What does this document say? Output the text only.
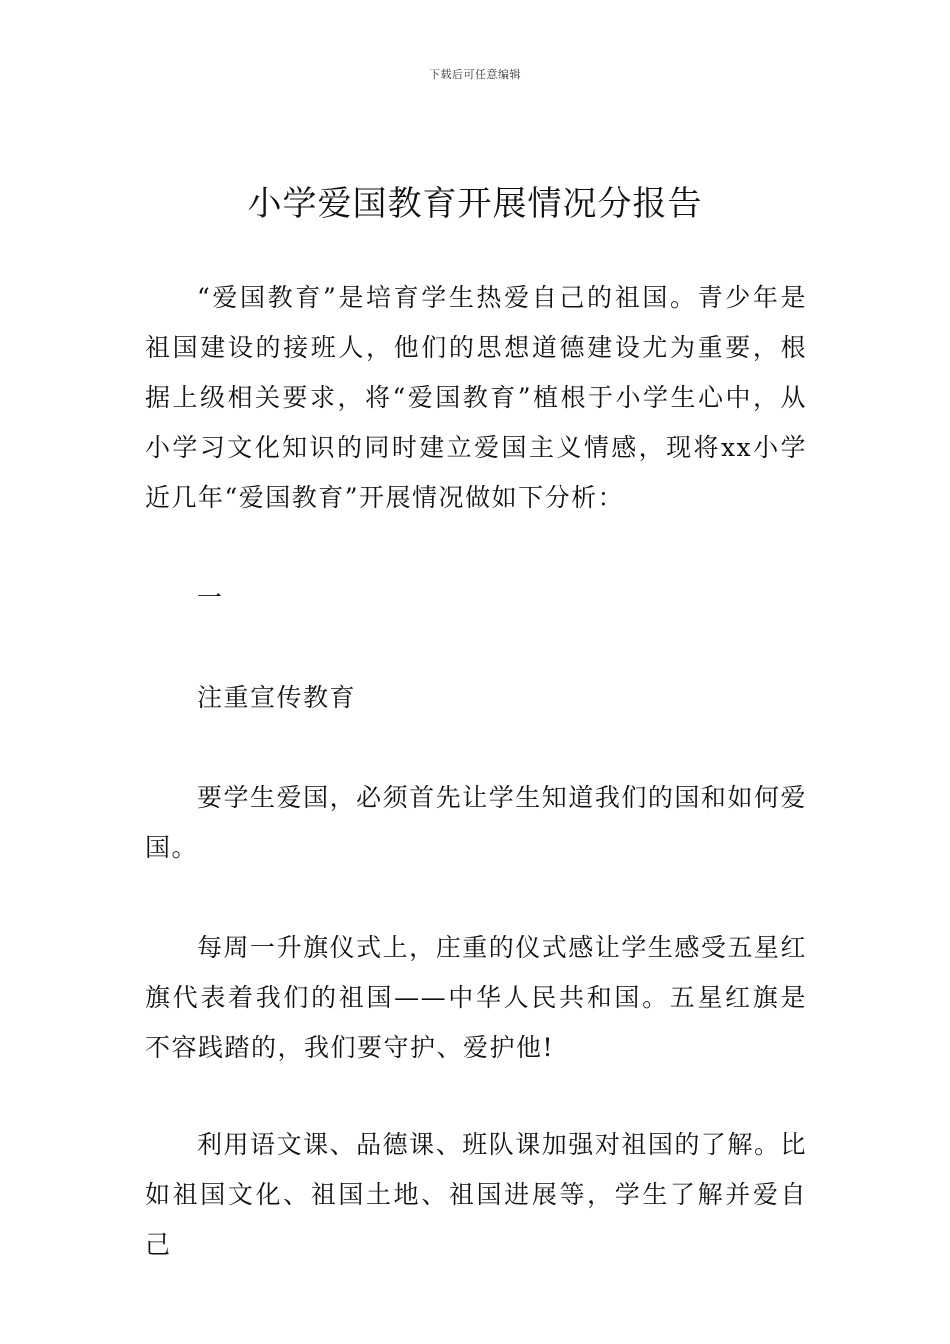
下载后可任意编辑
小学爱国教育开展情况分报告

“爱国教育”是培育学生热爱自己的祖国。青少年是祖国建设的接班人，他们的思想道德建设尤为重要，根据上级相关要求，将“爱国教育”植根于小学生心中，从小学习文化知识的同时建立爱国主义情感，现将xx小学近几年“爱国教育”开展情况做如下分析：

一

注重宣传教育

要学生爱国，必须首先让学生知道我们的国和如何爱国。

每周一升旗仪式上，庄重的仪式感让学生感受五星红旗代表着我们的祖国——中华人民共和国。五星红旗是不容践踏的，我们要守护、爱护他!

利用语文课、品德课、班队课加强对祖国的了解。比如祖国文化、祖国土地、祖国进展等，学生了解并爱自己
